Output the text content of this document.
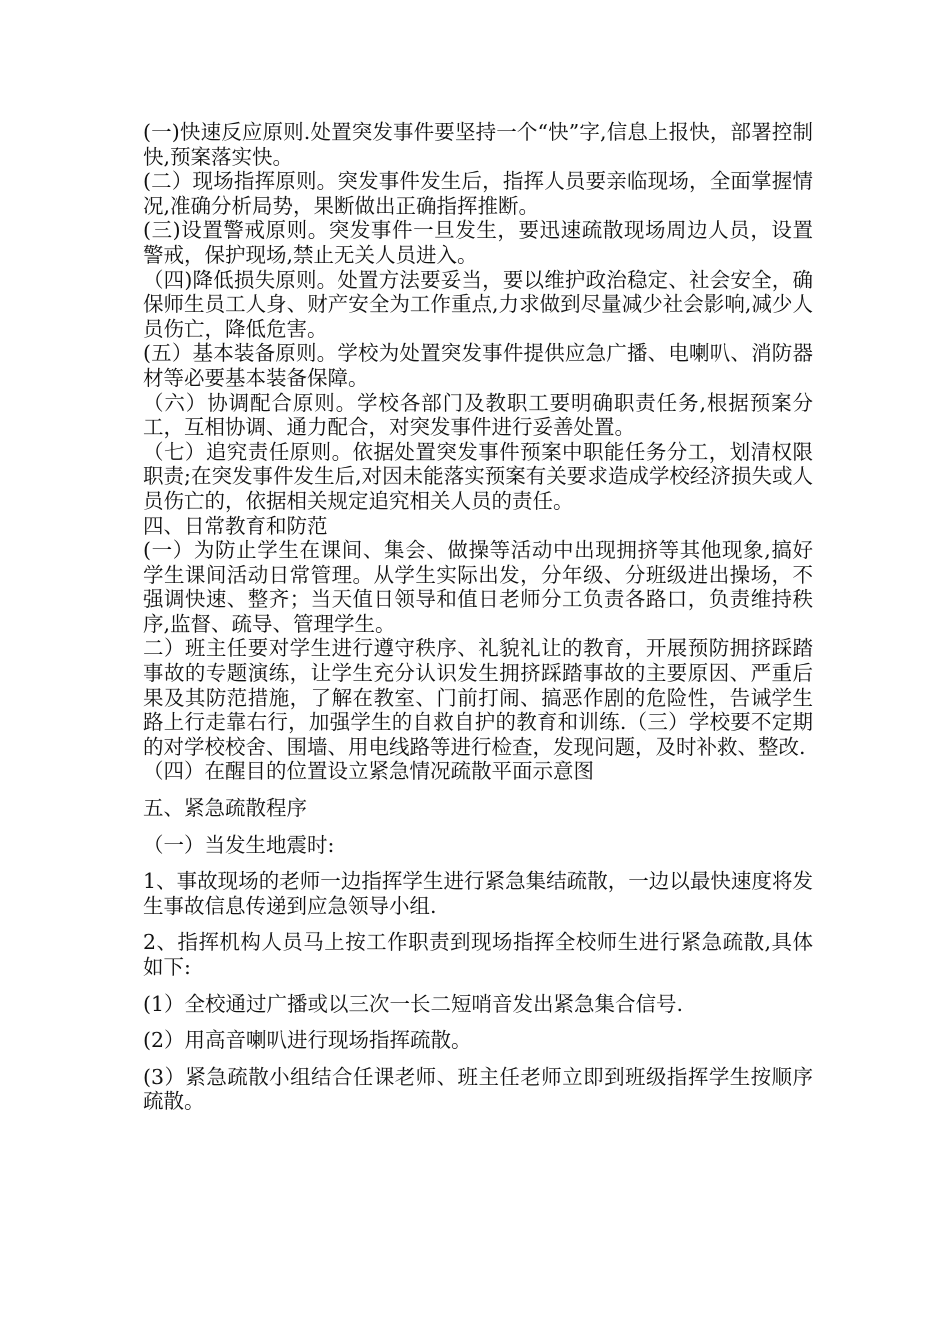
(一)快速反应原则.处置突发事件要坚持一个“快”字,信息上报快，部署控制快,预案落实快。

(二）现场指挥原则。突发事件发生后，指挥人员要亲临现场，全面掌握情况,准确分析局势，果断做出正确指挥推断。

(三)设置警戒原则。突发事件一旦发生，要迅速疏散现场周边人员，设置警戒，保护现场,禁止无关人员进入。

（四)降低损失原则。处置方法要妥当，要以维护政治稳定、社会安全，确保师生员工人身、财产安全为工作重点,力求做到尽量减少社会影响,减少人员伤亡，降低危害。

(五）基本装备原则。学校为处置突发事件提供应急广播、电喇叭、消防器材等必要基本装备保障。

（六）协调配合原则。学校各部门及教职工要明确职责任务,根据预案分工，互相协调、通力配合，对突发事件进行妥善处置。

（七）追究责任原则。依据处置突发事件预案中职能任务分工，划清权限职责;在突发事件发生后,对因未能落实预案有关要求造成学校经济损失或人员伤亡的，依据相关规定追究相关人员的责任。

四、日常教育和防范

(一）为防止学生在课间、集会、做操等活动中出现拥挤等其他现象,搞好学生课间活动日常管理。从学生实际出发，分年级、分班级进出操场，不强调快速、整齐；当天值日领导和值日老师分工负责各路口，负责维持秩序,监督、疏导、管理学生。

二）班主任要对学生进行遵守秩序、礼貌礼让的教育，开展预防拥挤踩踏事故的专题演练，让学生充分认识发生拥挤踩踏事故的主要原因、严重后果及其防范措施，了解在教室、门前打闹、搞恶作剧的危险性，告诫学生路上行走靠右行，加强学生的自救自护的教育和训练.（三）学校要不定期的对学校校舍、围墙、用电线路等进行检查，发现问题，及时补救、整改.

（四）在醒目的位置设立紧急情况疏散平面示意图

五、紧急疏散程序

（一）当发生地震时:

1、事故现场的老师一边指挥学生进行紧急集结疏散，一边以最快速度将发生事故信息传递到应急领导小组.

2、指挥机构人员马上按工作职责到现场指挥全校师生进行紧急疏散,具体如下:

(1）全校通过广播或以三次一长二短哨音发出紧急集合信号.

(2）用高音喇叭进行现场指挥疏散。

(3）紧急疏散小组结合任课老师、班主任老师立即到班级指挥学生按顺序疏散。
